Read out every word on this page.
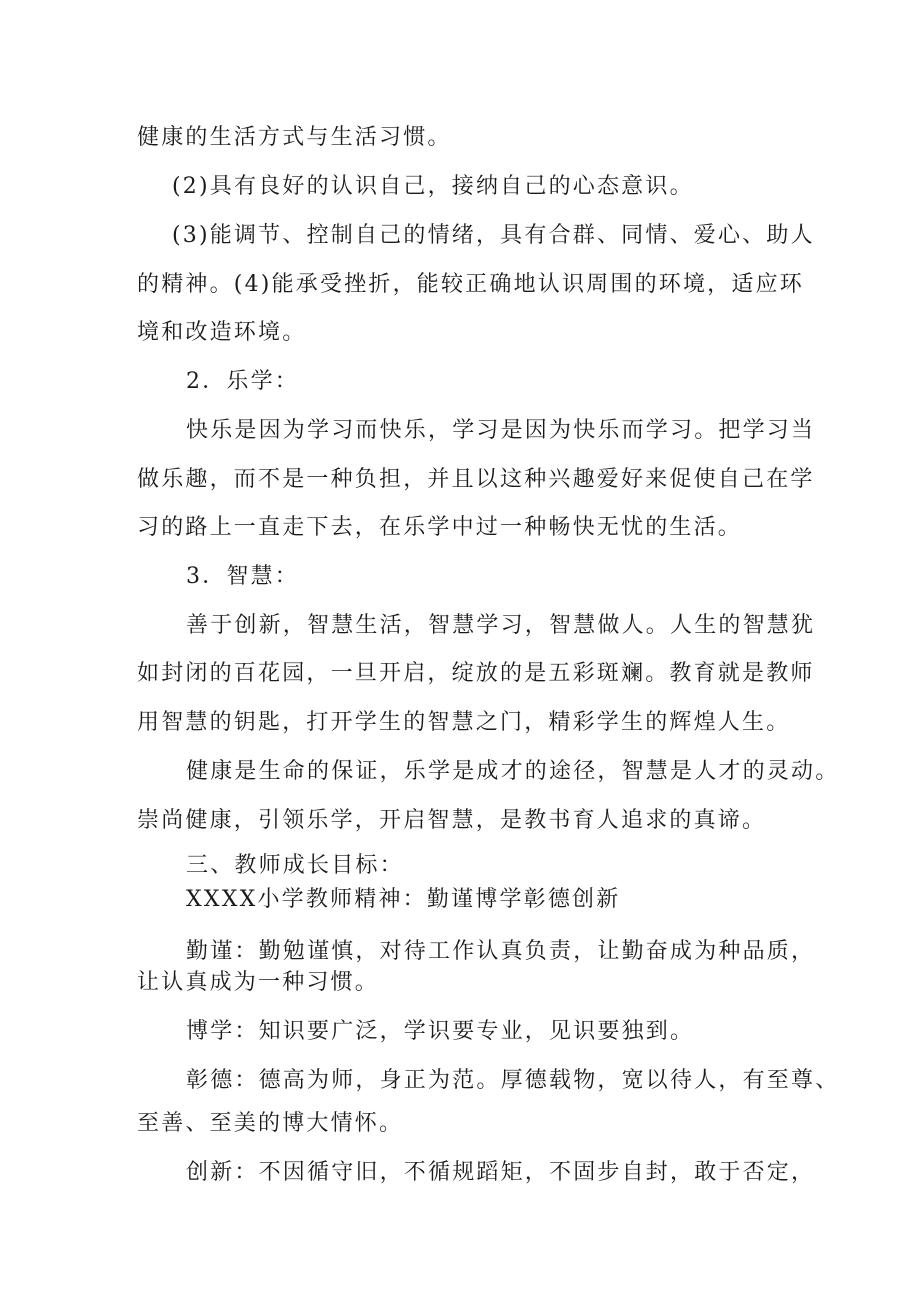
健康的生活方式与生活习惯。

(2)具有良好的认识自己，接纳自己的心态意识。

(3)能调节、控制自己的情绪，具有合群、同情、爱心、助人

的精神。(4)能承受挫折，能较正确地认识周围的环境，适应环

境和改造环境。

2．乐学：

快乐是因为学习而快乐，学习是因为快乐而学习。把学习当

做乐趣，而不是一种负担，并且以这种兴趣爱好来促使自己在学

习的路上一直走下去，在乐学中过一种畅快无忧的生活。

3．智慧：

善于创新，智慧生活，智慧学习，智慧做人。人生的智慧犹

如封闭的百花园，一旦开启，绽放的是五彩斑斓。教育就是教师

用智慧的钥匙，打开学生的智慧之门，精彩学生的辉煌人生。

健康是生命的保证，乐学是成才的途径，智慧是人才的灵动。

崇尚健康，引领乐学，开启智慧，是教书育人追求的真谛。

三、教师成长目标：

XXXX小学教师精神：勤谨博学彰德创新

勤谨：勤勉谨慎，对待工作认真负责，让勤奋成为种品质，

让认真成为一种习惯。

博学：知识要广泛，学识要专业，见识要独到。

彰德：德高为师，身正为范。厚德载物，宽以待人，有至尊、

至善、至美的博大情怀。

创新：不因循守旧，不循规蹈矩，不固步自封，敢于否定，
